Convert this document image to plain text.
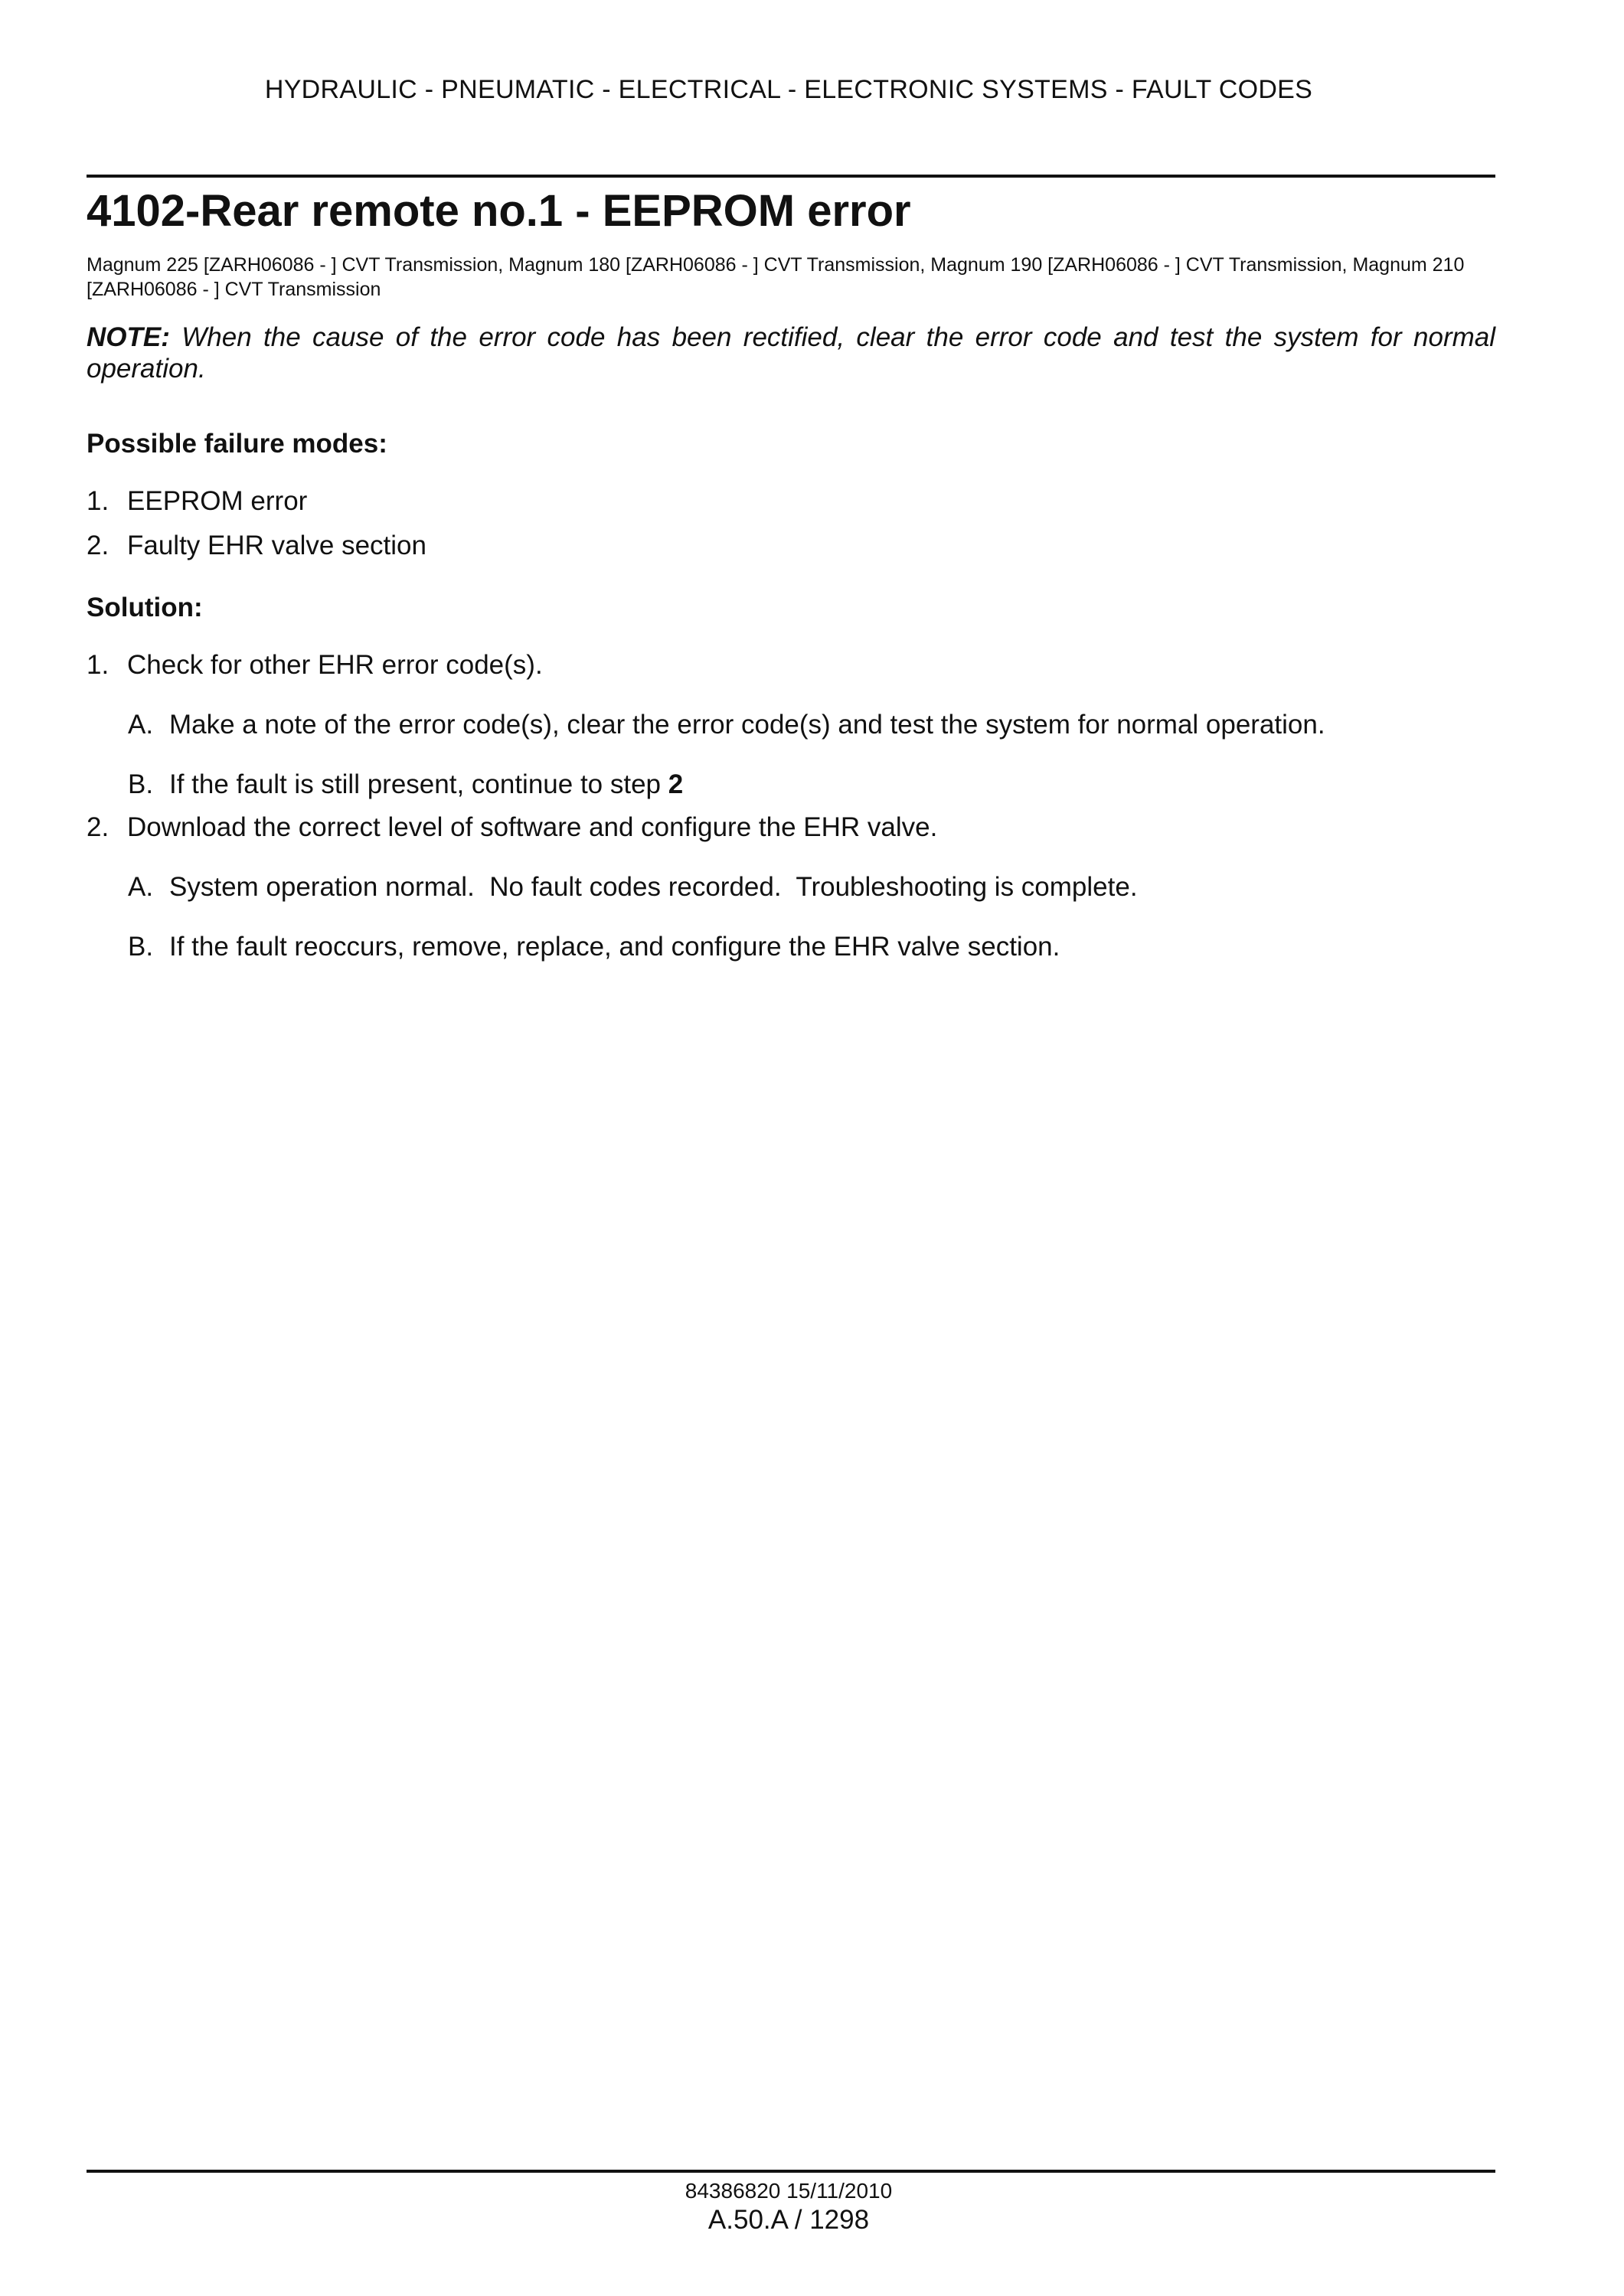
HYDRAULIC - PNEUMATIC - ELECTRICAL - ELECTRONIC SYSTEMS - FAULT CODES
4102-Rear remote no.1 - EEPROM error
Magnum 225 [ZARH06086 - ] CVT Transmission, Magnum 180 [ZARH06086 - ] CVT Transmission, Magnum 190 [ZARH06086 - ] CVT Transmission, Magnum 210 [ZARH06086 - ] CVT Transmission
NOTE: When the cause of the error code has been rectified, clear the error code and test the system for normal operation.
Possible failure modes:
1. EEPROM error
2. Faulty EHR valve section
Solution:
1. Check for other EHR error code(s).
A. Make a note of the error code(s), clear the error code(s) and test the system for normal operation.
B. If the fault is still present, continue to step 2
2. Download the correct level of software and configure the EHR valve.
A. System operation normal.  No fault codes recorded.  Troubleshooting is complete.
B. If the fault reoccurs, remove, replace, and configure the EHR valve section.
84386820 15/11/2010
A.50.A / 1298
